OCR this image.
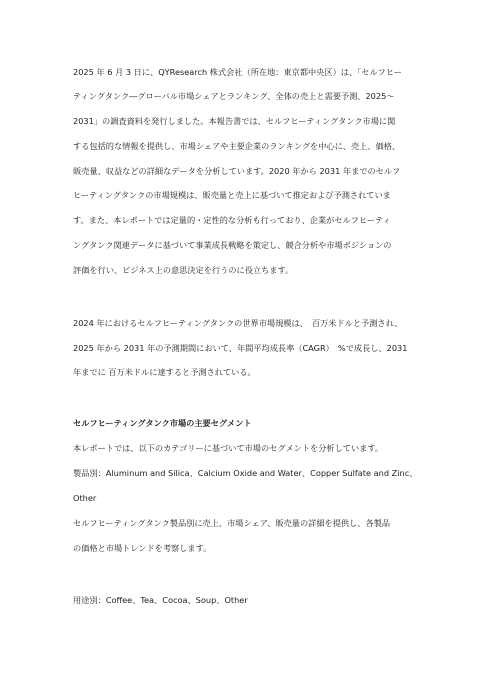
2025 年 6 月 3 日に、QYResearch 株式会社（所在地：東京都中央区）は、「セルフヒー
ティングタンク―グローバル市場シェアとランキング、全体の売上と需要予測、2025～
2031」の調査資料を発行しました。本報告書では、セルフヒーティングタンク市場に関
する包括的な情報を提供し、市場シェアや主要企業のランキングを中心に、売上、価格、
販売量、収益などの詳細なデータを分析しています。2020 年から 2031 年までのセルフ
ヒーティングタンクの市場規模は、販売量と売上に基づいて推定および予測されていま
す。また、本レポートでは定量的・定性的な分析も行っており、企業がセルフヒーティ
ングタンク関連データに基づいて事業成長戦略を策定し、競合分析や市場ポジションの
評価を行い、ビジネス上の意思決定を行うのに役立ちます。
2024 年におけるセルフヒーティングタンクの世界市場規模は、　百万米ドルと予測され、
2025 年から 2031 年の予測期間において、年間平均成長率（CAGR）　%で成長し、2031
年までに 百万米ドルに達すると予測されている。
セルフヒーティングタンク市場の主要セグメント
本レポートでは、以下のカテゴリーに基づいて市場のセグメントを分析しています。
製品別：Aluminum and Silica、Calcium Oxide and Water、Copper Sulfate and Zinc、
Other
セルフヒーティングタンク製品別に売上、市場シェア、販売量の詳細を提供し、各製品
の価格と市場トレンドを考察します。
用途別：Coffee、Tea、Cocoa、Soup、Other
